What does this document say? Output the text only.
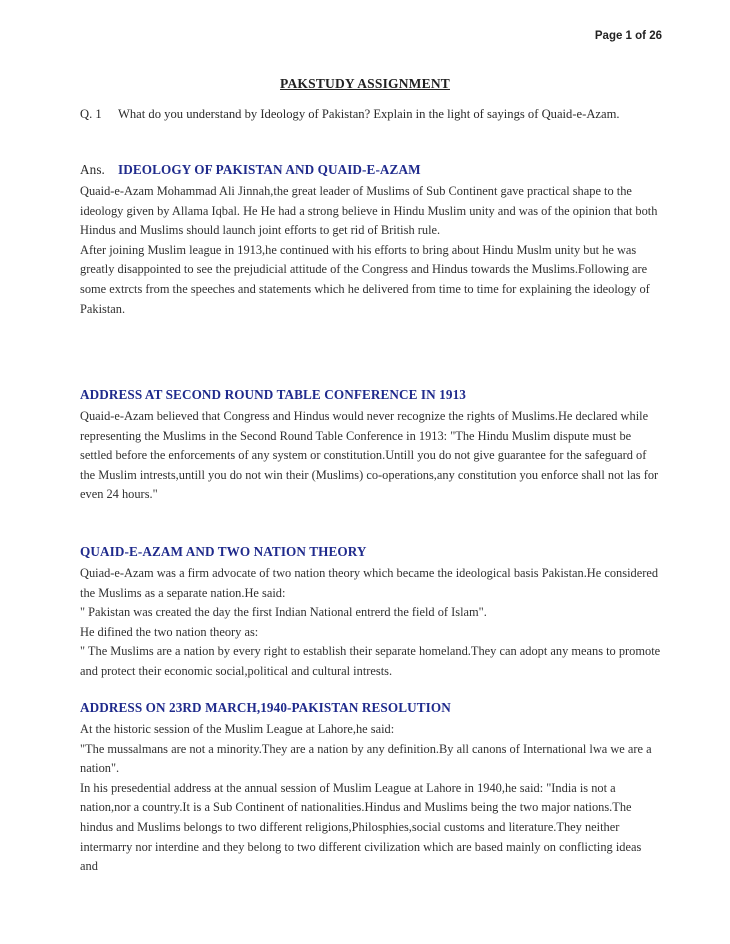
Page 1 of 26
PAKSTUDY ASSIGNMENT
Q. 1 What do you understand by Ideology of Pakistan? Explain in the light of sayings of Quaid-e-Azam.
Ans. IDEOLOGY OF PAKISTAN AND QUAID-E-AZAM

Quaid-e-Azam Mohammad Ali Jinnah,the great leader of Muslims of Sub Continent gave practical shape to the ideology given by Allama Iqbal. He He had a strong believe in Hindu Muslim unity and was of the opinion that both Hindus and Muslims should launch joint efforts to get rid of British rule.

After joining Muslim league in 1913,he continued with his efforts to bring about Hindu Muslm unity but he was greatly disappointed to see the prejudicial attitude of the Congress and Hindus towards the Muslims.Following are some extrcts from the speeches and statements which he delivered from time to time for explaining the ideology of Pakistan.

ADDRESS AT SECOND ROUND TABLE CONFERENCE IN 1913

Quaid-e-Azam believed that Congress and Hindus would never recognize the rights of Muslims.He declared while representing the Muslims in the Second Round Table Conference in 1913: "The Hindu Muslim dispute must be settled before the enforcements of any system or constitution.Untill you do not give guarantee for the safeguard of the Muslim intrests,untill you do not win their (Muslims) co-operations,any constitution you enforce shall not las for even 24 hours."

QUAID-E-AZAM AND TWO NATION THEORY

Quiad-e-Azam was a firm advocate of two nation theory which became the ideological basis Pakistan.He considered the Muslims as a separate nation.He said:

" Pakistan was created the day the first Indian National entrerd the field of Islam".

He difined the two nation theory as:

" The Muslims are a nation by every right to establish their separate homeland.They can adopt any means to promote and protect their economic social,political and cultural intrests.

ADDRESS ON 23RD MARCH,1940-PAKISTAN RESOLUTION

At the historic session of the Muslim League at Lahore,he said:

"The mussalmans are not a minority.They are a nation by any definition.By all canons of International lwa we are a nation".

In his presedential address at the annual session of Muslim League at Lahore in 1940,he said: "India is not a nation,nor a country.It is a Sub Continent of nationalities.Hindus and Muslims being the two major nations.The hindus and Muslims belongs to two different religions,Philosphies,social customs and literature.They neither intermarry nor interdine and they belong to two different civilization which are based mainly on conflicting ideas and
